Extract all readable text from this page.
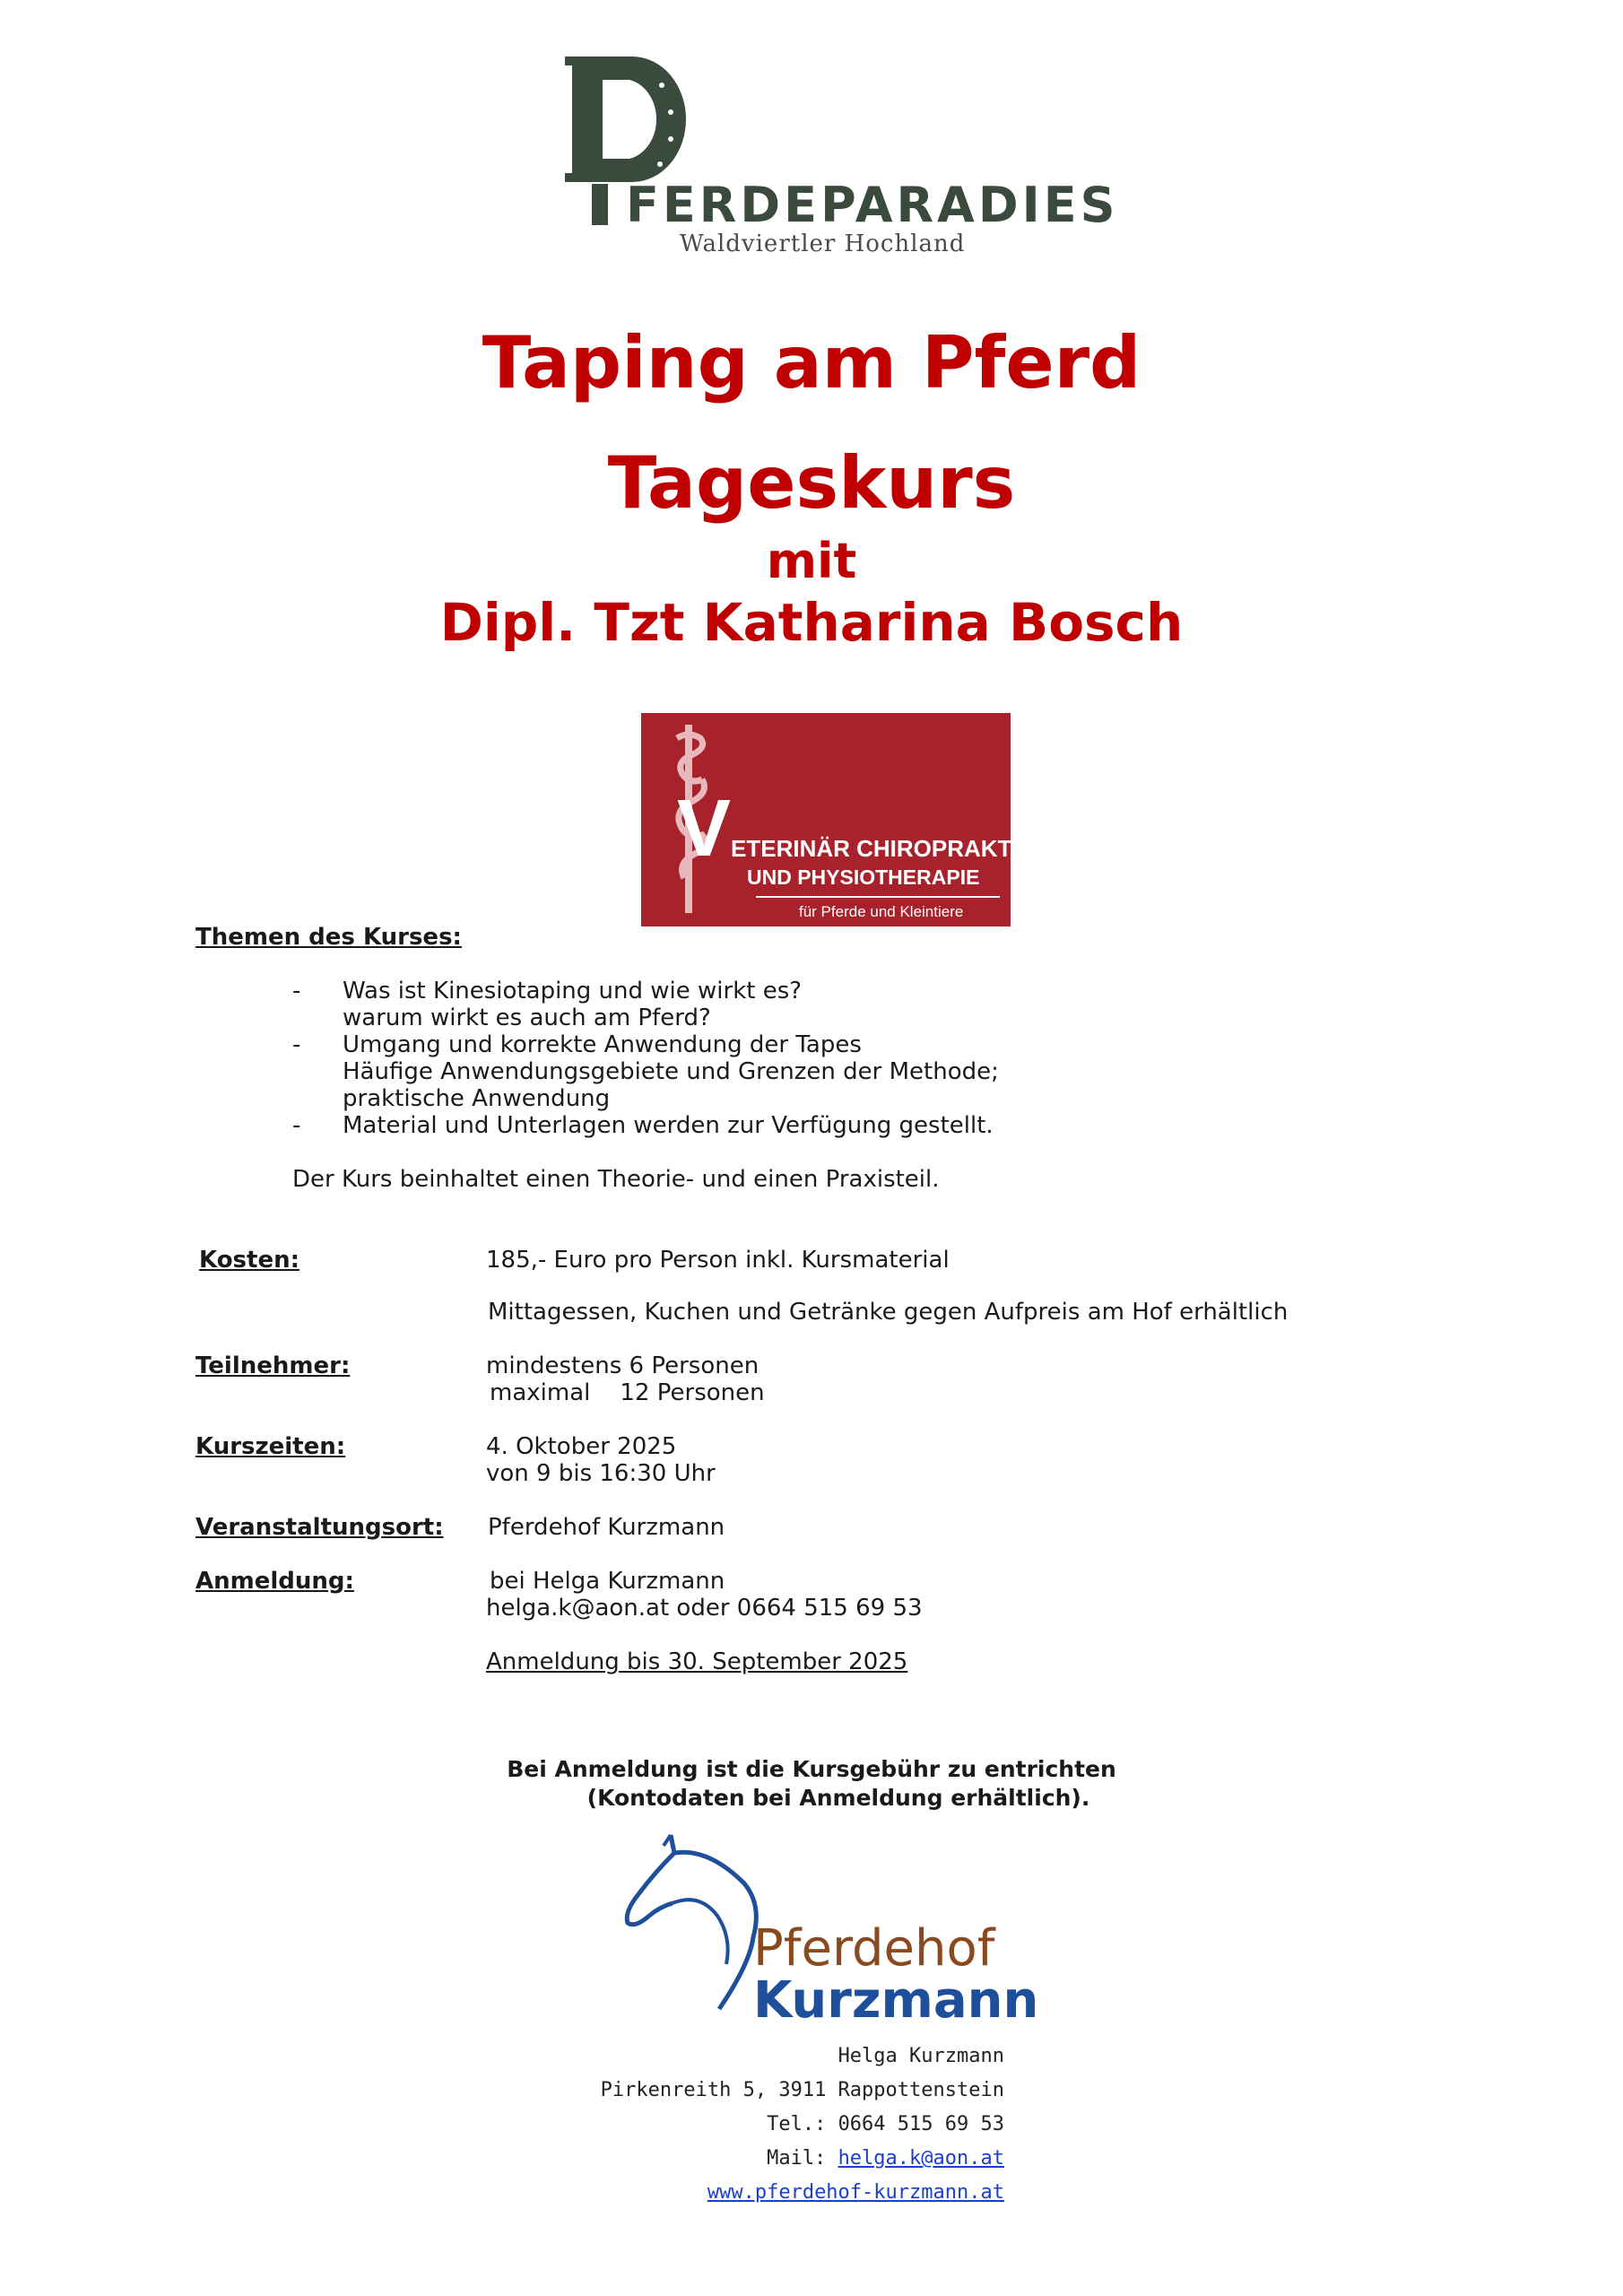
FERDEPARADIES
Waldviertler Hochland
Taping am Pferd
Tageskurs
mit
Dipl. Tzt Katharina Bosch
V ETERINÄR CHIROPRAKTIK
UND PHYSIOTHERAPIE
für Pferde und Kleintiere
Themen des Kurses:
-	Was ist Kinesiotaping und wie wirkt es?
warum wirkt es auch am Pferd?
-	Umgang und korrekte Anwendung der Tapes
Häufige Anwendungsgebiete und Grenzen der Methode;
praktische Anwendung
-	Material und Unterlagen werden zur Verfügung gestellt.
Der Kurs beinhaltet einen Theorie- und einen Praxisteil.
Kosten:	185,- Euro pro Person inkl. Kursmaterial
Mittagessen, Kuchen und Getränke gegen Aufpreis am Hof erhältlich
Teilnehmer:	mindestens 6 Personen
maximal    12 Personen
Kurszeiten:	4. Oktober 2025
von 9 bis 16:30 Uhr
Veranstaltungsort: Pferdehof Kurzmann
Anmeldung:	bei Helga Kurzmann
helga.k@aon.at oder 0664 515 69 53
Anmeldung bis 30. September 2025
Bei Anmeldung ist die Kursgebühr zu entrichten
(Kontodaten bei Anmeldung erhältlich).
Pferdehof
Kurzmann
Helga Kurzmann
Pirkenreith 5, 3911 Rappottenstein
Tel.: 0664 515 69 53
Mail: helga.k@aon.at
www.pferdehof-kurzmann.at
